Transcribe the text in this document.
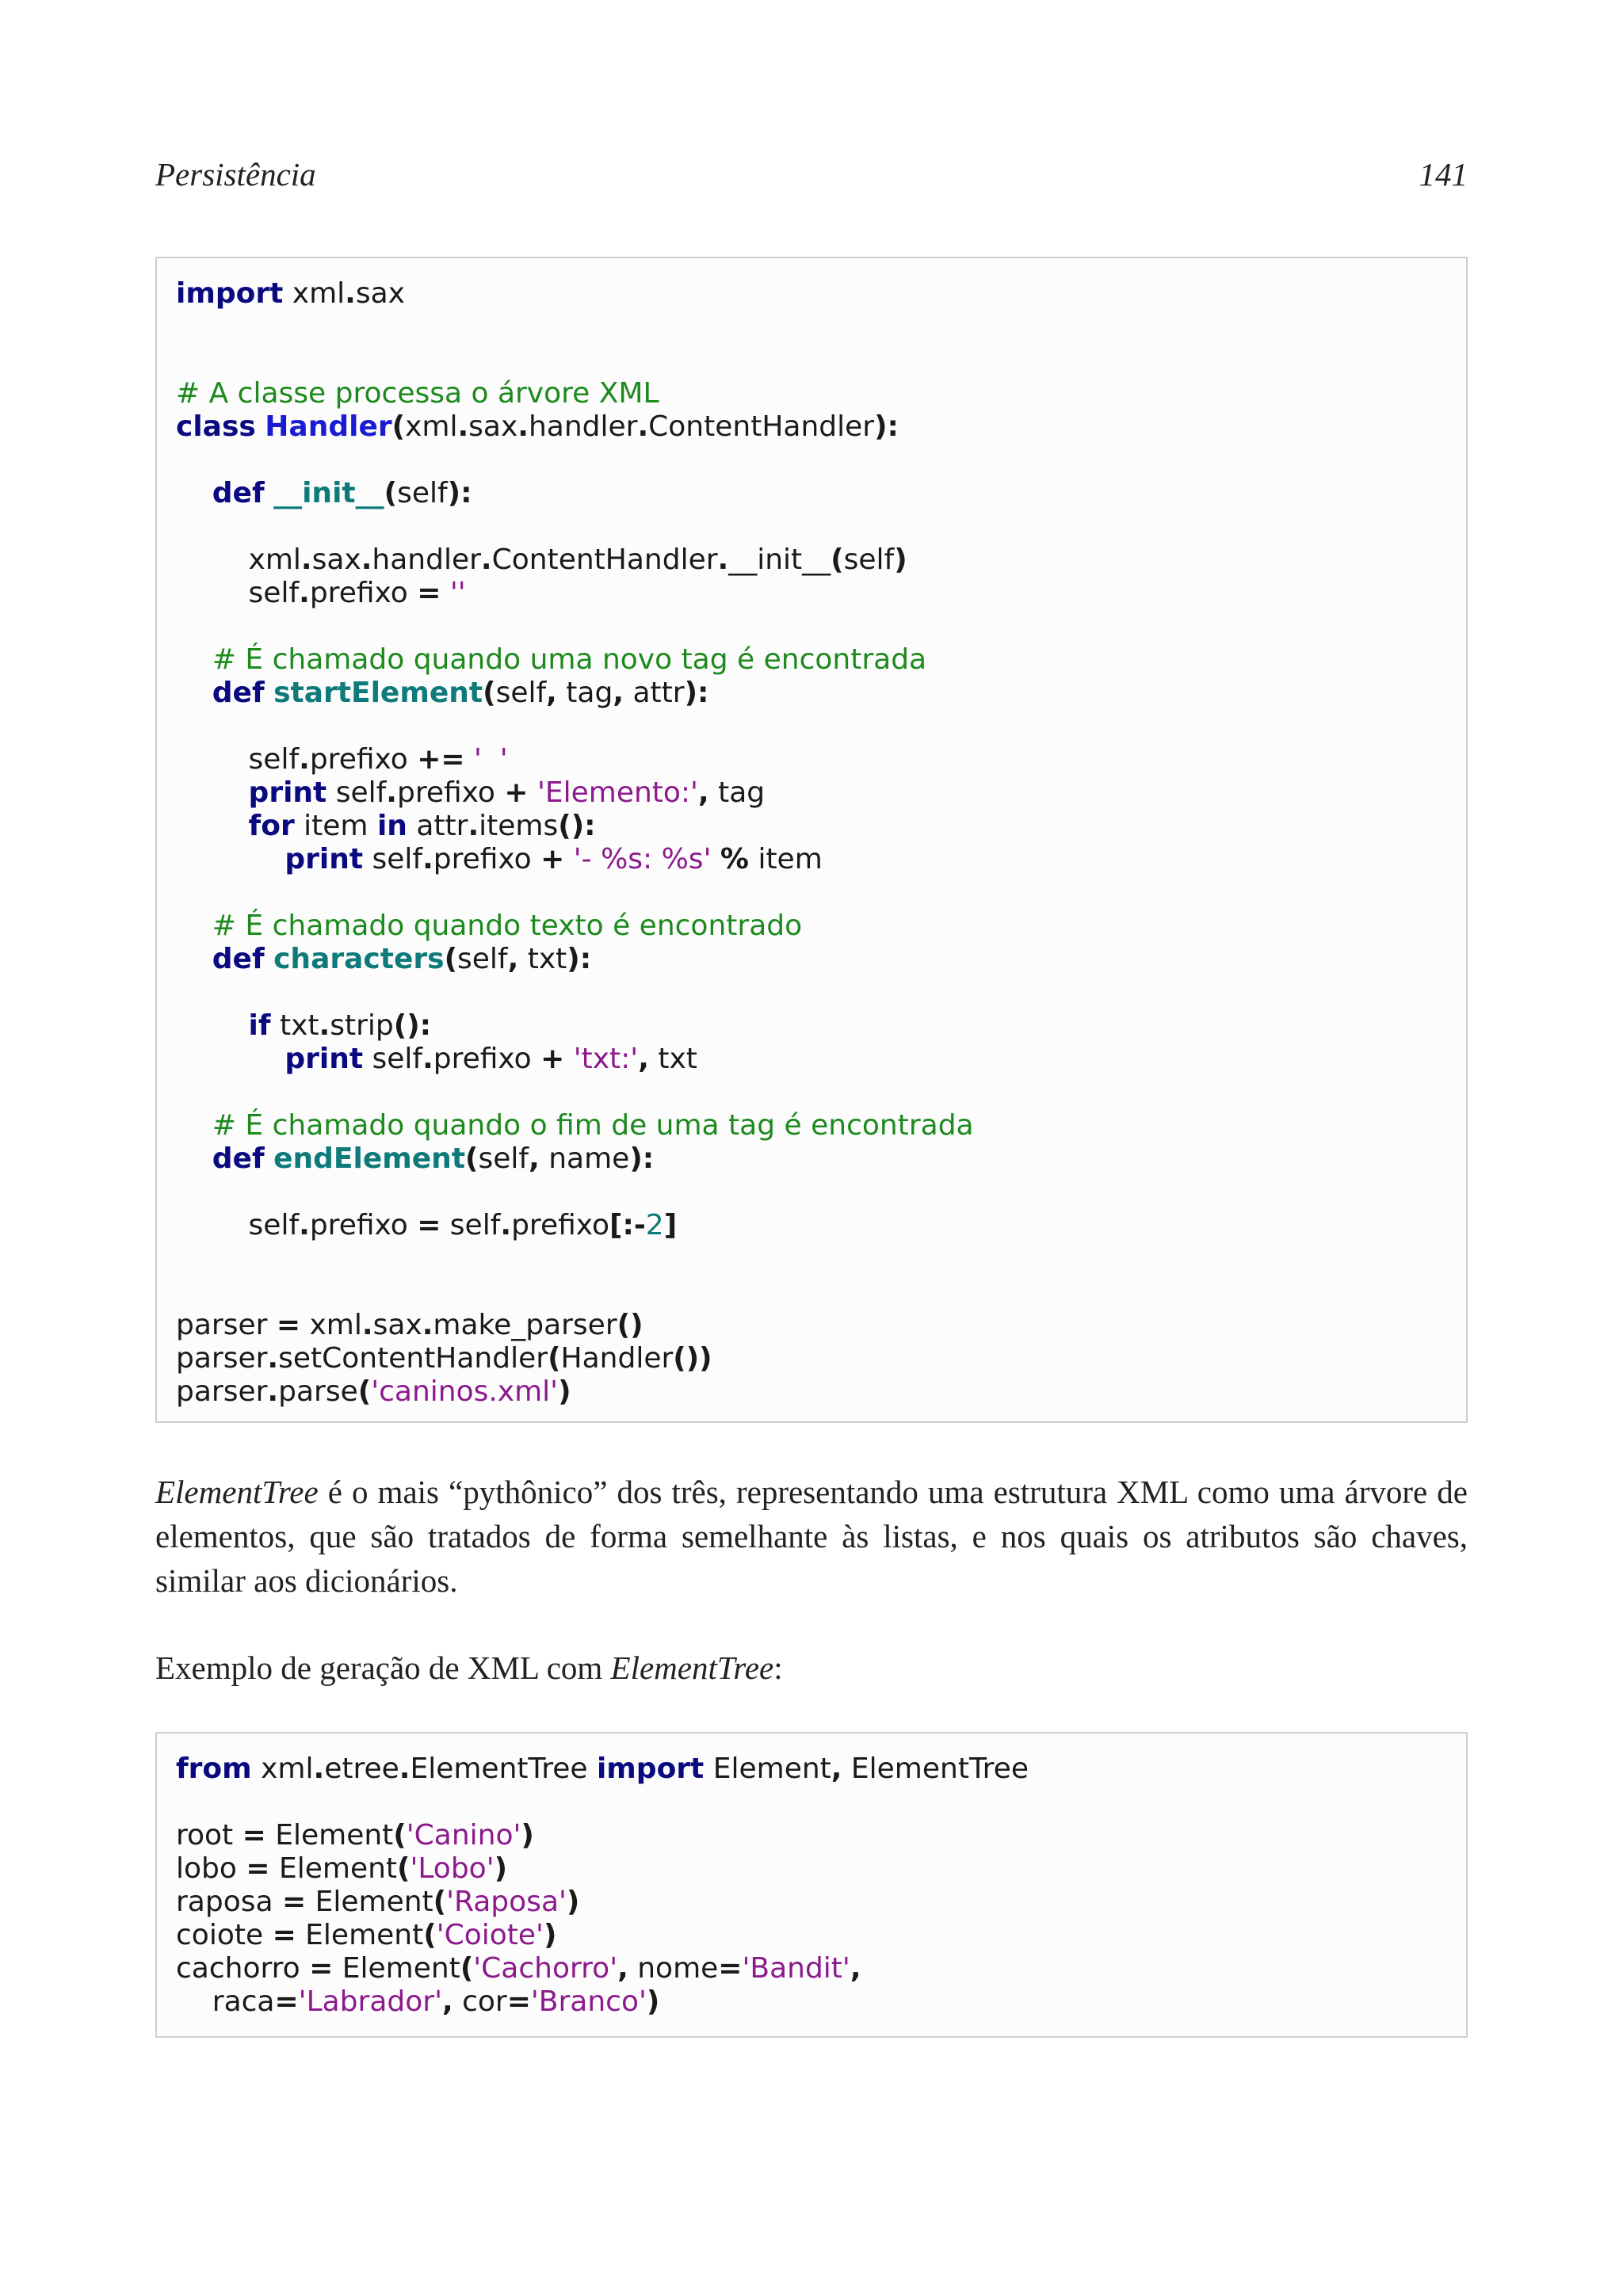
Persistência	141
import xml.sax
# A classe processa o árvore XML
class Handler(xml.sax.handler.ContentHandler):
def __init__(self):
xml.sax.handler.ContentHandler.__init__(self)
self.prefixo = ''
# É chamado quando uma novo tag é encontrada
def startElement(self, tag, attr):
self.prefixo += '  '
print self.prefixo + 'Elemento:', tag
for item in attr.items():
print self.prefixo + '- %s: %s' % item
# É chamado quando texto é encontrado
def characters(self, txt):
if txt.strip():
print self.prefixo + 'txt:', txt
# É chamado quando o fim de uma tag é encontrada
def endElement(self, name):
self.prefixo = self.prefixo[:-2]
parser = xml.sax.make_parser()
parser.setContentHandler(Handler())
parser.parse('caninos.xml')
ElementTree é o mais “pythônico” dos três, representando uma estrutura XML como uma árvore de elementos, que são tratados de forma semelhante às listas, e nos quais os atributos são chaves, similar aos dicionários.
Exemplo de geração de XML com ElementTree:
from xml.etree.ElementTree import Element, ElementTree
root = Element('Canino')
lobo = Element('Lobo')
raposa = Element('Raposa')
coiote = Element('Coiote')
cachorro = Element('Cachorro', nome='Bandit',
raca='Labrador', cor='Branco')
